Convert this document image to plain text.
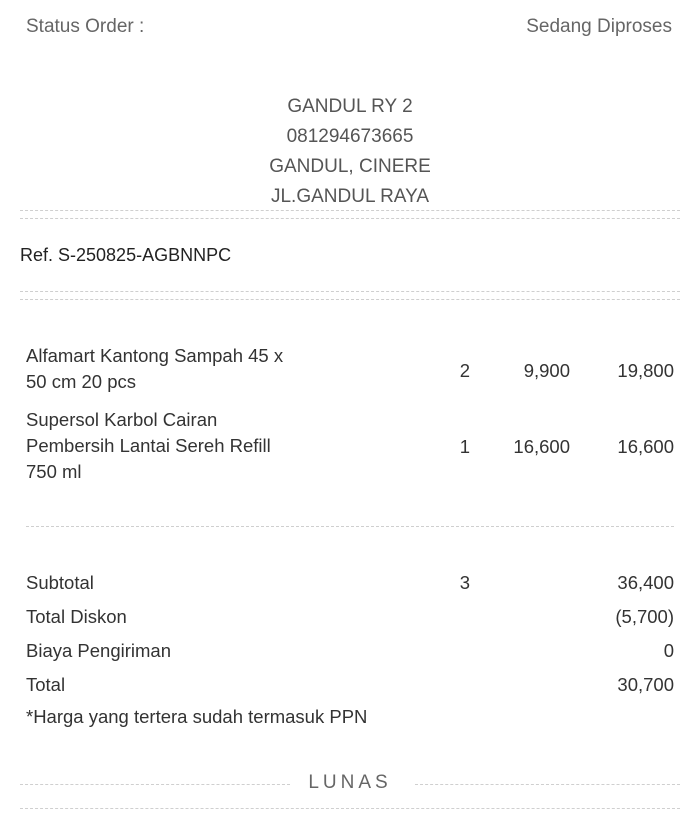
Status Order :	Sedang Diproses
GANDUL RY 2
081294673665
GANDUL, CINERE
JL.GANDUL RAYA
Ref. S-250825-AGBNNPC
Alfamart Kantong Sampah 45 x
50 cm 20 pcs
2	9,900	19,800
Supersol Karbol Cairan
Pembersih Lantai Sereh Refill
750 ml
1	16,600	16,600
Subtotal	3	36,400
Total Diskon	(5,700)
Biaya Pengiriman	0
Total	30,700
*Harga yang tertera sudah termasuk PPN
LUNAS
